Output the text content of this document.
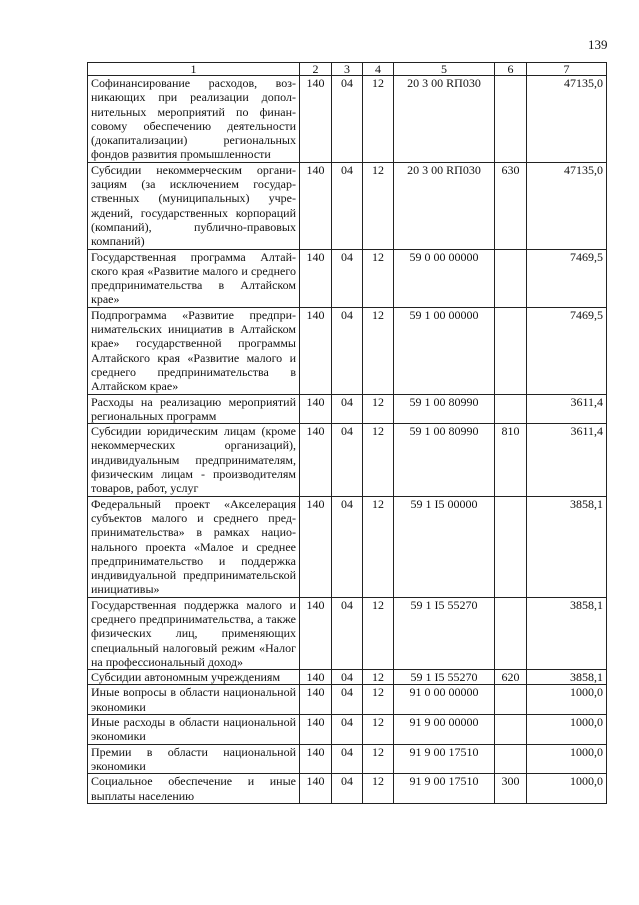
139
1	2	3	4	5	6	7
Софинансирование расходов, возникающих при реализации дополнительных мероприятий по финансовому обеспечению деятельности (докапитализации) региональных фондов развития промышленности	140	04	12	20 3 00 RП030		47135,0
Субсидии некоммерческим организациям (за исключением государственных (муниципальных) учреждений, государственных корпораций (компаний), публично-правовых компаний)	140	04	12	20 3 00 RП030	630	47135,0
Государственная программа Алтайского края «Развитие малого и среднего предпринимательства в Алтайском крае»	140	04	12	59 0 00 00000		7469,5
Подпрограмма «Развитие предпринимательских инициатив в Алтайском крае» государственной программы Алтайского края «Развитие малого и среднего предпринимательства в Алтайском крае»	140	04	12	59 1 00 00000		7469,5
Расходы на реализацию мероприятий региональных программ	140	04	12	59 1 00 80990		3611,4
Субсидии юридическим лицам (кроме некоммерческих организаций), индивидуальным предпринимателям, физическим лицам - производителям товаров, работ, услуг	140	04	12	59 1 00 80990	810	3611,4
Федеральный проект «Акселерация субъектов малого и среднего предпринимательства» в рамках национального проекта «Малое и среднее предпринимательство и поддержка индивидуальной предпринимательской инициативы»	140	04	12	59 1 I5 00000		3858,1
Государственная поддержка малого и среднего предпринимательства, а также физических лиц, применяющих специальный налоговый режим «Налог на профессиональный доход»	140	04	12	59 1 I5 55270		3858,1
Субсидии автономным учреждениям	140	04	12	59 1 I5 55270	620	3858,1
Иные вопросы в области национальной экономики	140	04	12	91 0 00 00000		1000,0
Иные расходы в области национальной экономики	140	04	12	91 9 00 00000		1000,0
Премии в области национальной экономики	140	04	12	91 9 00 17510		1000,0
Социальное обеспечение и иные выплаты населению	140	04	12	91 9 00 17510	300	1000,0
